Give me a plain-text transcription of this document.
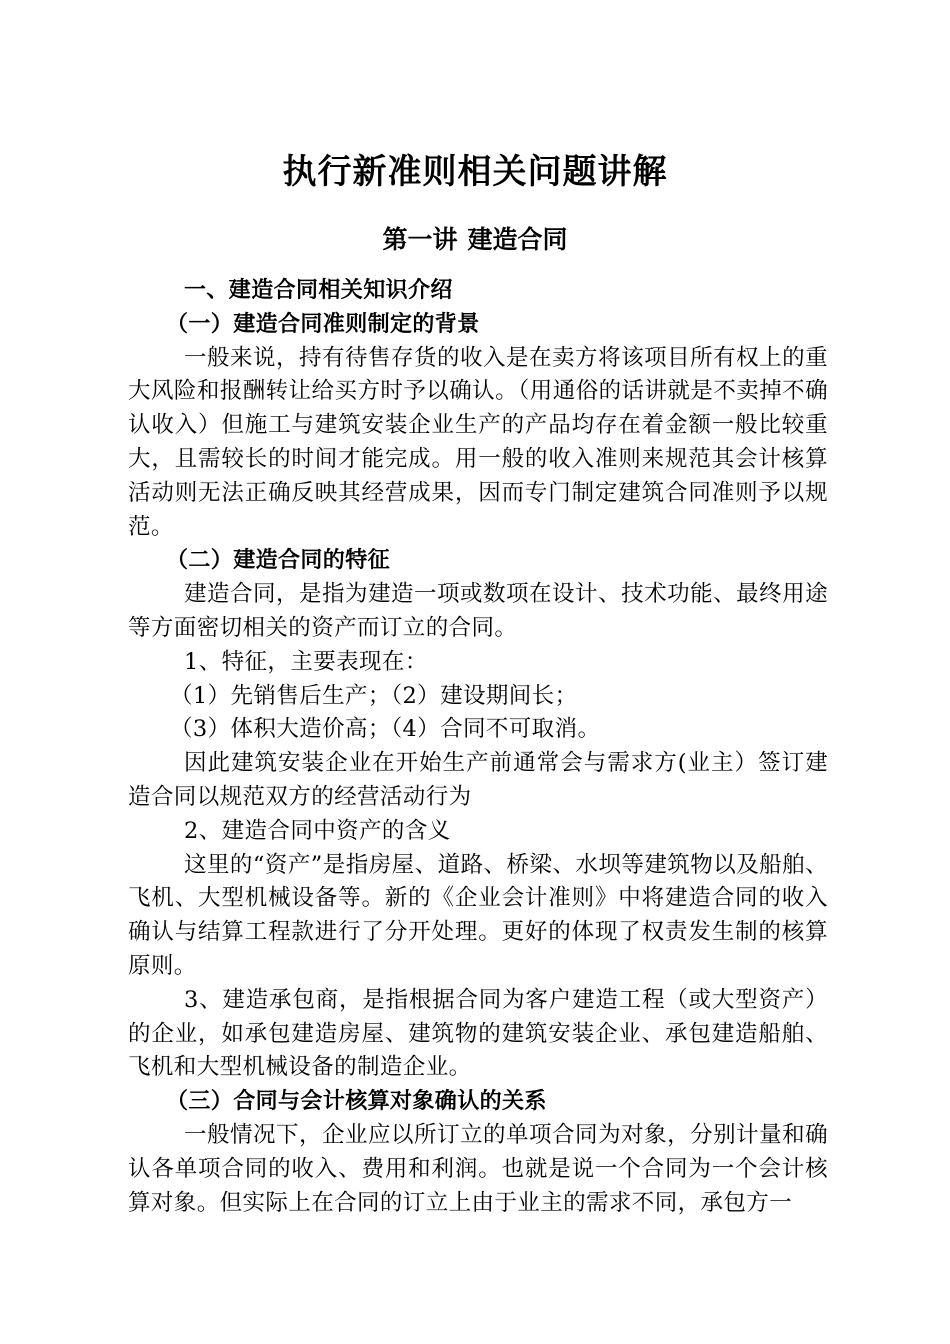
执行新准则相关问题讲解
第一讲 建造合同

一、建造合同相关知识介绍

（一）建造合同准则制定的背景

一般来说，持有待售存货的收入是在卖方将该项目所有权上的重大风险和报酬转让给买方时予以确认。（用通俗的话讲就是不卖掉不确认收入）但施工与建筑安装企业生产的产品均存在着金额一般比较重大，且需较长的时间才能完成。用一般的收入准则来规范其会计核算活动则无法正确反映其经营成果，因而专门制定建筑合同准则予以规范。

（二）建造合同的特征

建造合同，是指为建造一项或数项在设计、技术功能、最终用途等方面密切相关的资产而订立的合同。

1、特征，主要表现在：

（1）先销售后生产；（2）建设期间长；

（3）体积大造价高；（4）合同不可取消。

因此建筑安装企业在开始生产前通常会与需求方(业主）签订建造合同以规范双方的经营活动行为

2、建造合同中资产的含义

这里的“资产”是指房屋、道路、桥梁、水坝等建筑物以及船舶、飞机、大型机械设备等。新的《企业会计准则》中将建造合同的收入确认与结算工程款进行了分开处理。更好的体现了权责发生制的核算原则。

3、建造承包商，是指根据合同为客户建造工程（或大型资产）的企业，如承包建造房屋、建筑物的建筑安装企业、承包建造船舶、飞机和大型机械设备的制造企业。

（三）合同与会计核算对象确认的关系

一般情况下，企业应以所订立的单项合同为对象，分别计量和确认各单项合同的收入、费用和利润。也就是说一个合同为一个会计核算对象。但实际上在合同的订立上由于业主的需求不同，承包方一
